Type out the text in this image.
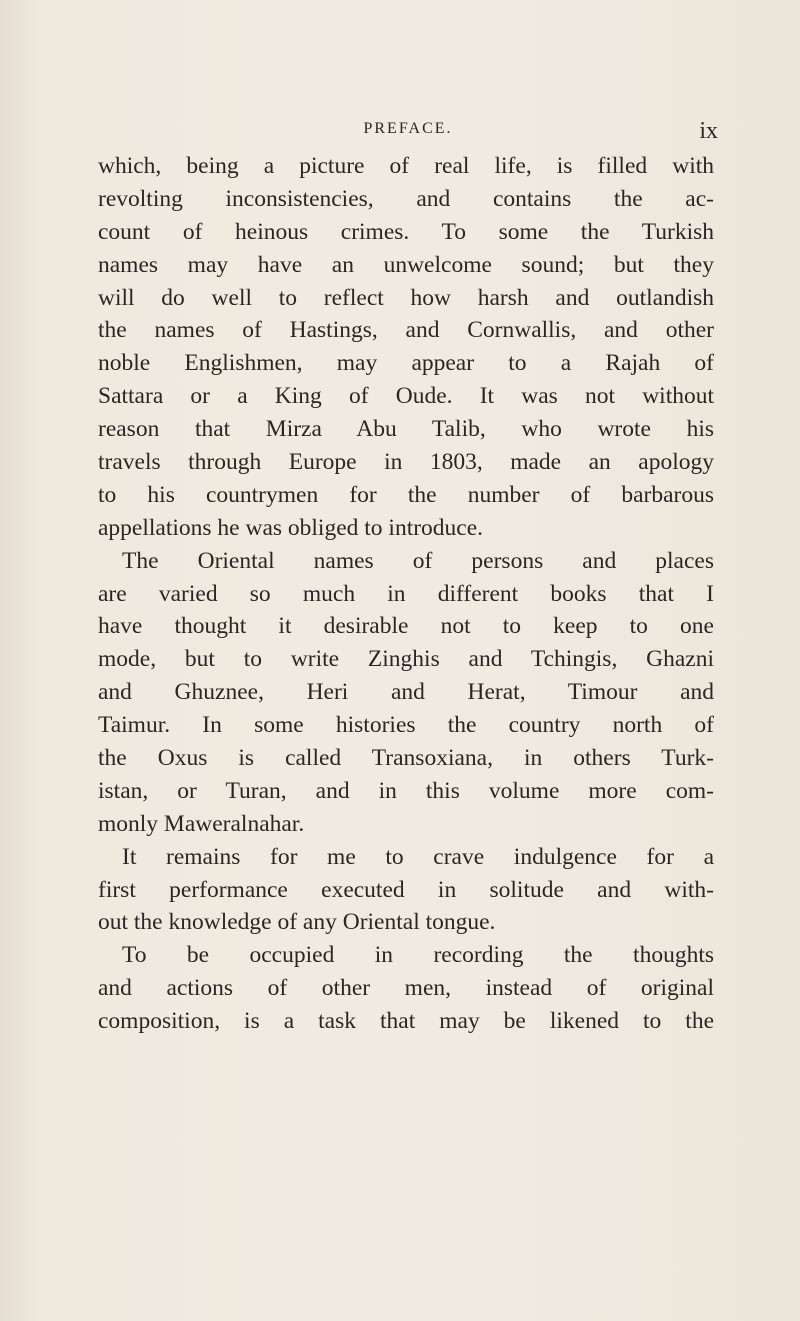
PREFACE.	ix
which, being a picture of real life, is filled with
revolting inconsistencies, and contains the ac-
count of heinous crimes. To some the Turkish
names may have an unwelcome sound; but they
will do well to reflect how harsh and outlandish
the names of Hastings, and Cornwallis, and other
noble Englishmen, may appear to a Rajah of
Sattara or a King of Oude. It was not without
reason that Mirza Abu Talib, who wrote his
travels through Europe in 1803, made an apology
to his countrymen for the number of barbarous
appellations he was obliged to introduce.
The Oriental names of persons and places
are varied so much in different books that I
have thought it desirable not to keep to one
mode, but to write Zinghis and Tchingis, Ghazni
and Ghuznee, Heri and Herat, Timour and
Taimur. In some histories the country north of
the Oxus is called Transoxiana, in others Turk-
istan, or Turan, and in this volume more com-
monly Maweralnahar.
It remains for me to crave indulgence for a
first performance executed in solitude and with-
out the knowledge of any Oriental tongue.
To be occupied in recording the thoughts
and actions of other men, instead of original
composition, is a task that may be likened to the
